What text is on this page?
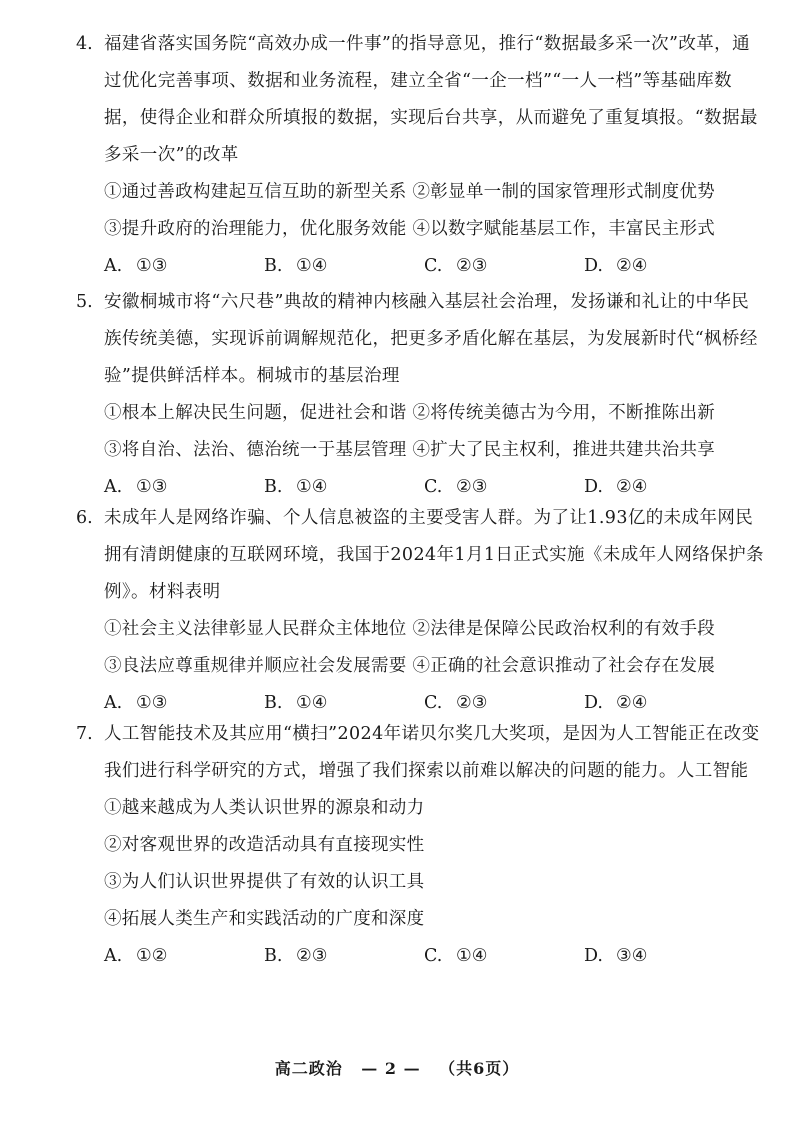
4. 福建省落实国务院“高效办成一件事”的指导意见，推行“数据最多采一次”改革，通过优化完善事项、数据和业务流程，建立全省“一企一档”“一人一档”等基础库数据，使得企业和群众所填报的数据，实现后台共享，从而避免了重复填报。“数据最多采一次”的改革
①通过善政构建起互信互助的新型关系 ②彰显单一制的国家管理形式制度优势
③提升政府的治理能力，优化服务效能 ④以数字赋能基层工作，丰富民主形式
A. ①③	B. ①④	C. ②③	D. ②④
5. 安徽桐城市将“六尺巷”典故的精神内核融入基层社会治理，发扬谦和礼让的中华民族传统美德，实现诉前调解规范化，把更多矛盾化解在基层，为发展新时代“枫桥经验”提供鲜活样本。桐城市的基层治理
①根本上解决民生问题，促进社会和谐 ②将传统美德古为今用，不断推陈出新
③将自治、法治、德治统一于基层管理 ④扩大了民主权利，推进共建共治共享
A. ①③	B. ①④	C. ②③	D. ②④
6. 未成年人是网络诈骗、个人信息被盗的主要受害人群。为了让1.93亿的未成年网民拥有清朗健康的互联网环境，我国于2024年1月1日正式实施《未成年人网络保护条例》。材料表明
①社会主义法律彰显人民群众主体地位 ②法律是保障公民政治权利的有效手段
③良法应尊重规律并顺应社会发展需要 ④正确的社会意识推动了社会存在发展
A. ①③	B. ①④	C. ②③	D. ②④
7. 人工智能技术及其应用“横扫”2024年诺贝尔奖几大奖项，是因为人工智能正在改变我们进行科学研究的方式，增强了我们探索以前难以解决的问题的能力。人工智能
①越来越成为人类认识世界的源泉和动力
②对客观世界的改造活动具有直接现实性
③为人们认识世界提供了有效的认识工具
④拓展人类生产和实践活动的广度和深度
A. ①②	B. ②③	C. ①④	D. ③④
高二政治 — 2 — （共6页）
